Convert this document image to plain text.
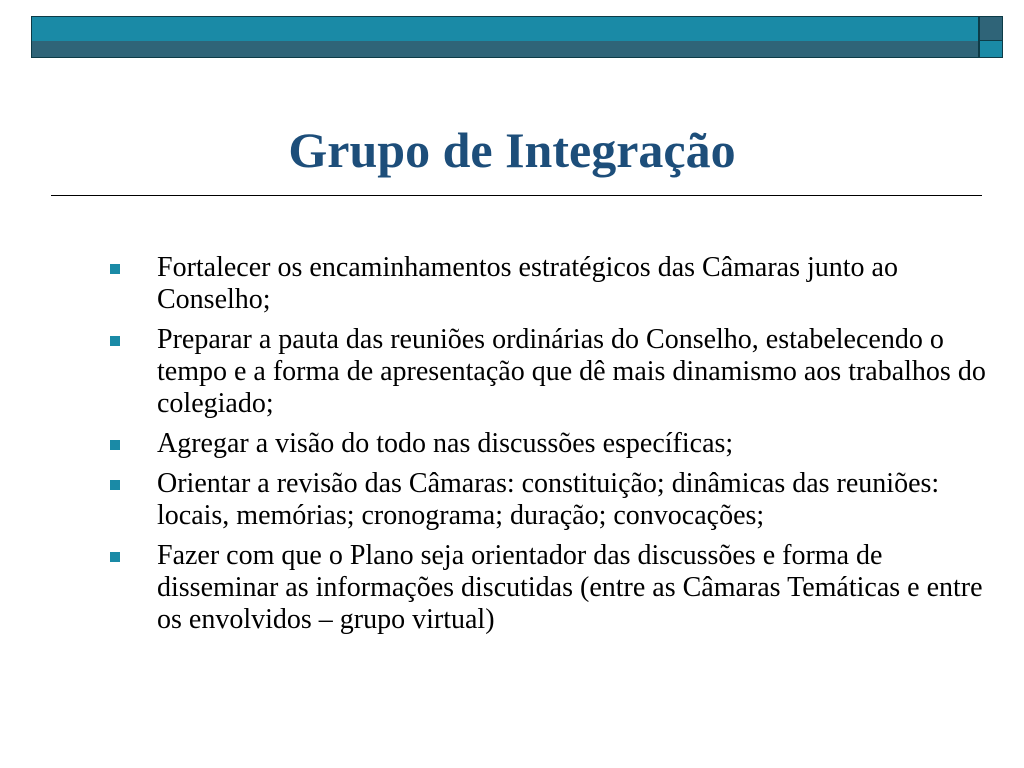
Grupo de Integração
Fortalecer os encaminhamentos estratégicos das Câmaras junto ao Conselho;
Preparar a pauta das reuniões ordinárias do Conselho, estabelecendo o tempo e a forma de apresentação que dê mais dinamismo aos trabalhos do colegiado;
Agregar a visão do todo nas discussões específicas;
Orientar a revisão das Câmaras: constituição; dinâmicas das reuniões: locais, memórias; cronograma; duração; convocações;
Fazer com que o Plano seja orientador das discussões e forma de disseminar as informações discutidas (entre as Câmaras Temáticas e entre os envolvidos – grupo virtual)
